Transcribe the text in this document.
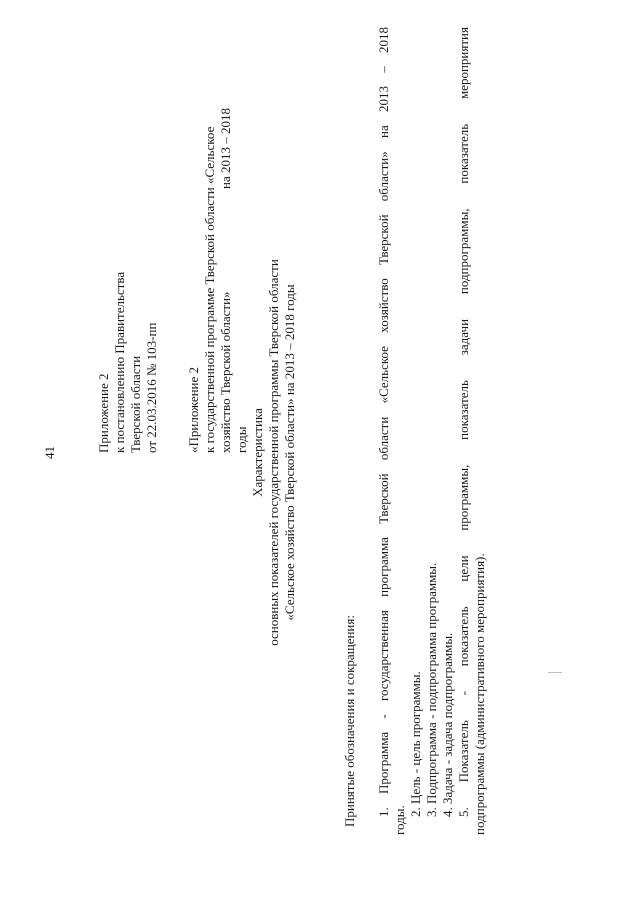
41	Приложение 2 к постановлению Правительства Тверской области от 22.03.2016 № 103-пп «Приложение 2 к государственной программе Тверской области «Сельское хозяйство Тверской области»
на 2013 – 2018
годы Характеристика основных показателей государственной программы Тверской области «Сельское хозяйство Тверской области» на 2013 – 2018 годы
Принятые обозначения и сокращения: 1. Программа - государственная программа Тверской области «Сельское хозяйство Тверской области» на 2013 – 2018
годы.
2. Цель - цель программы. 3. Подпрограмма - подпрограмма программы. 4. Задача - задача подпрограммы. 5. Показатель - показатель цели программы, показатель задачи подпрограммы, показатель мероприятия подпрограммы (административного мероприятия).
